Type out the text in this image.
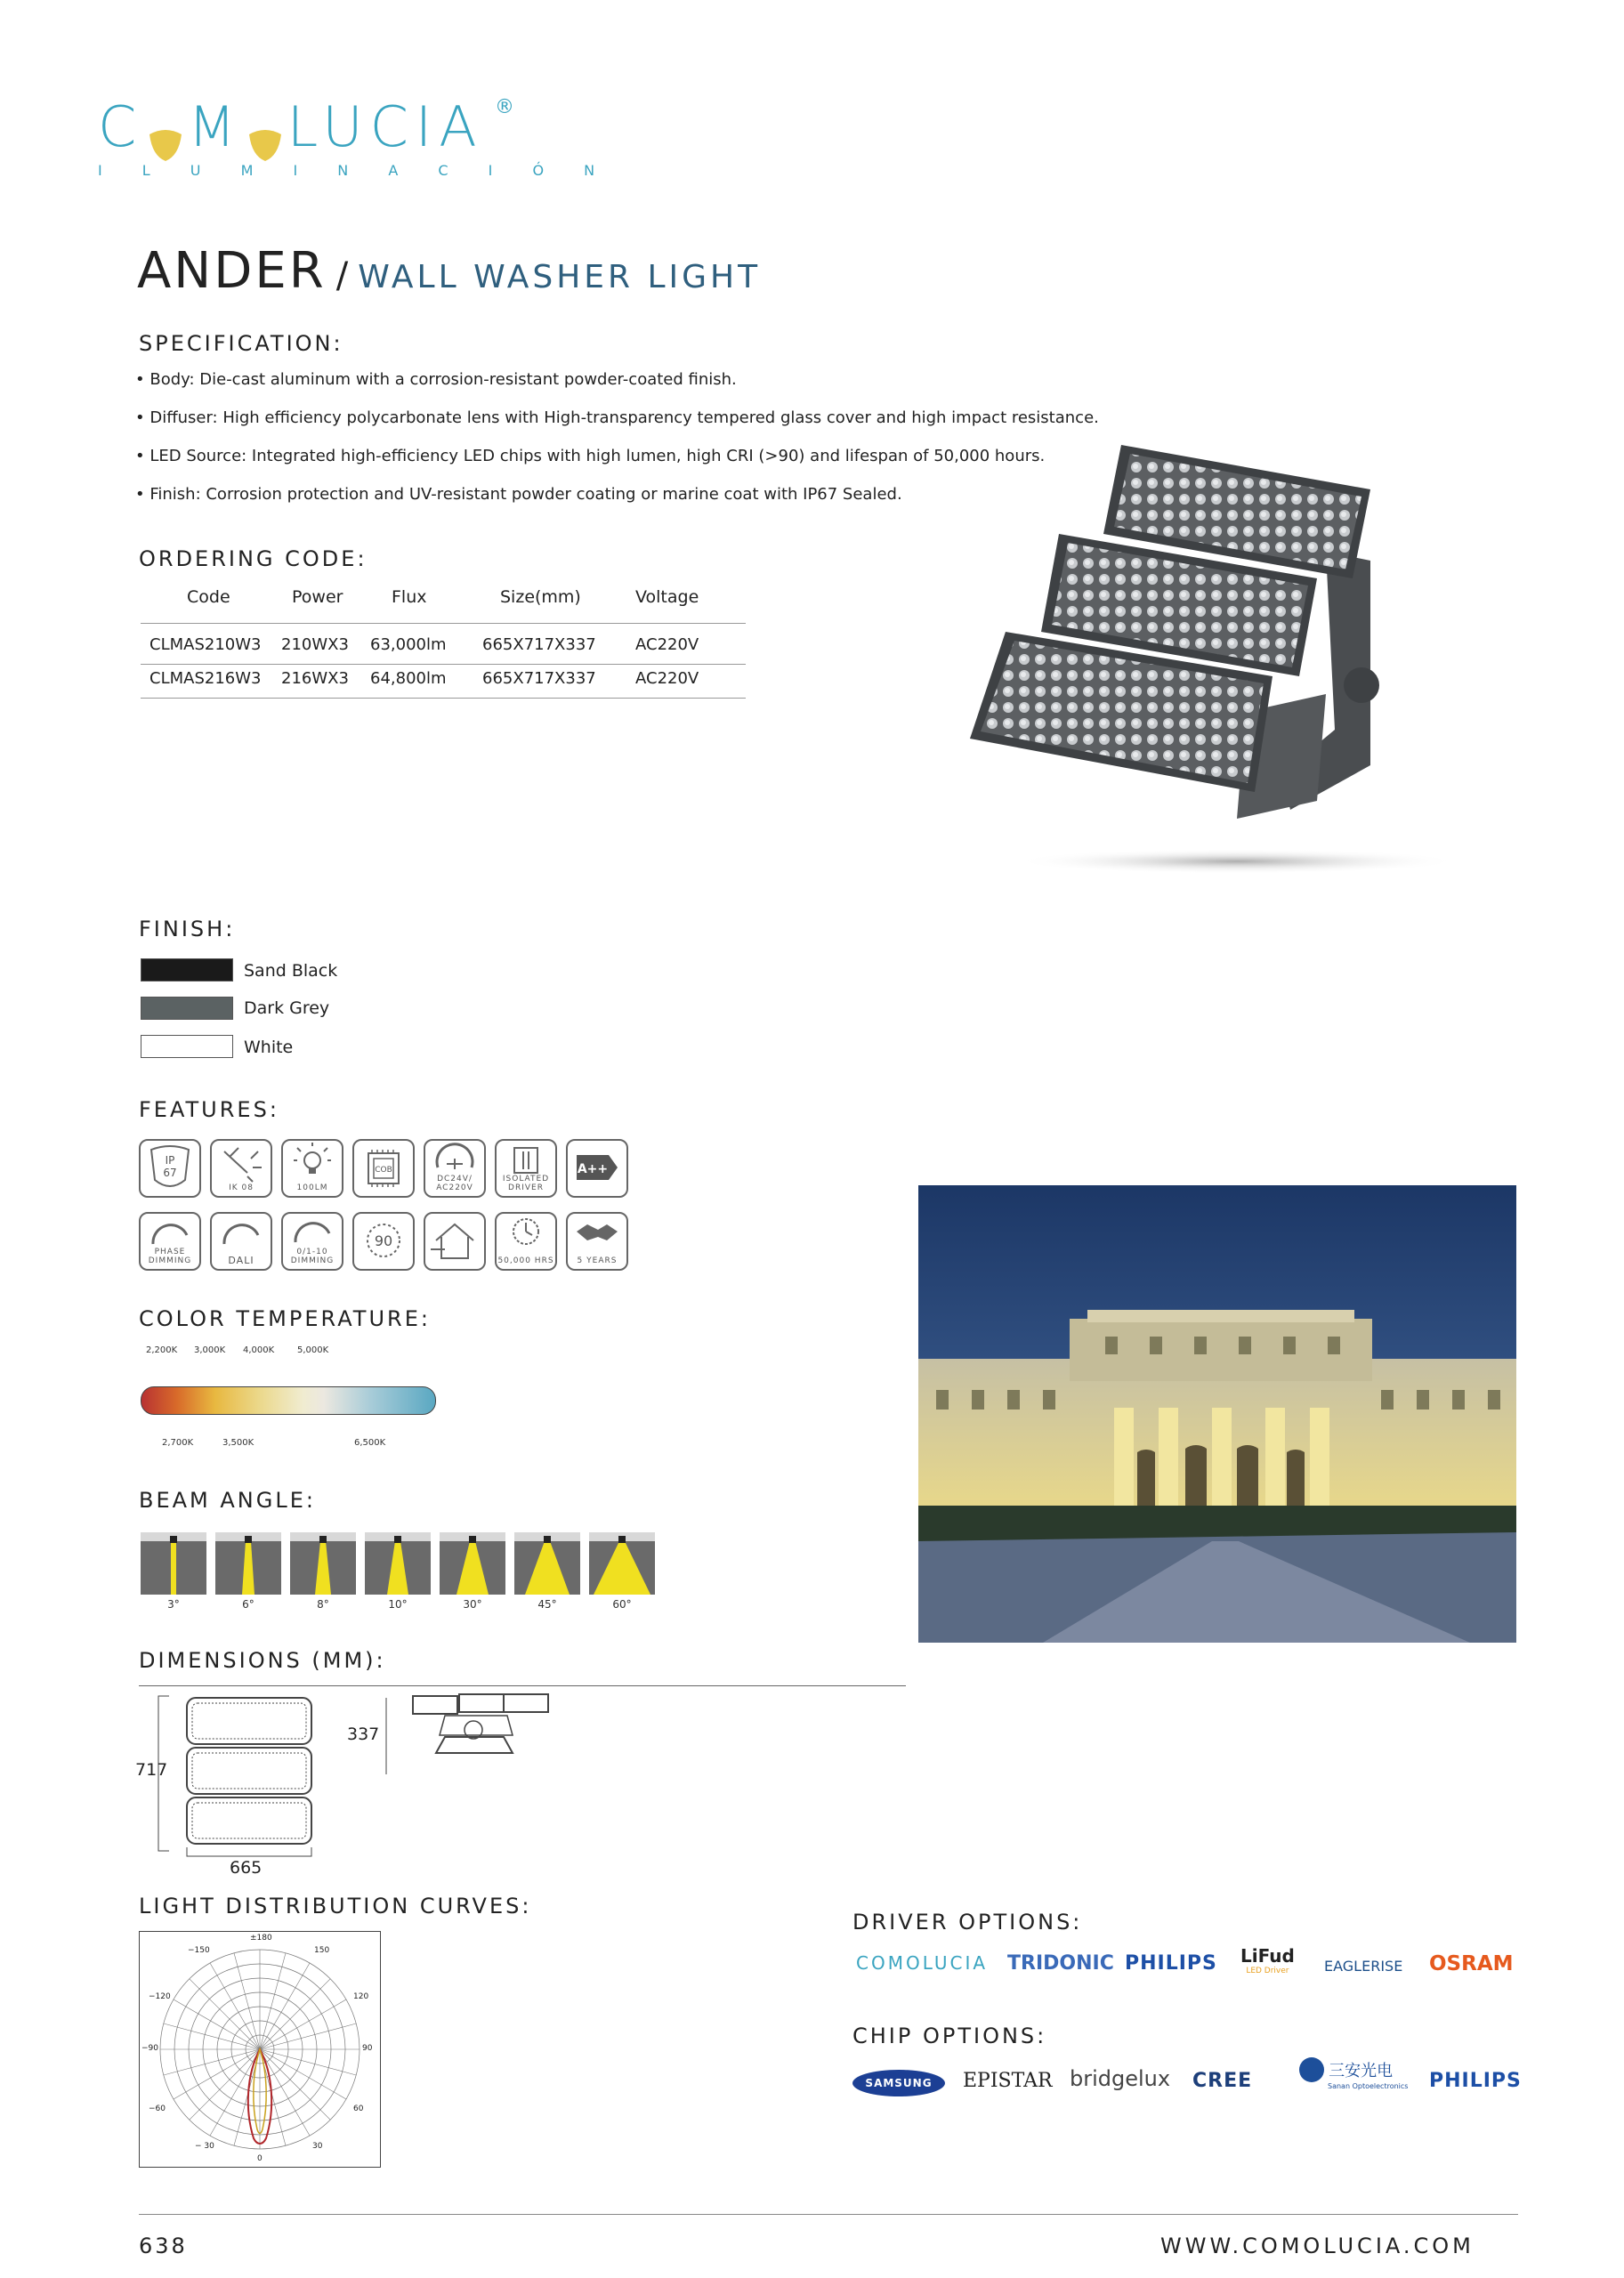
C M LUCIA ®
I L U M I N A C I Ó N
ANDER / WALL WASHER LIGHT
SPECIFICATION:
• Body: Die-cast aluminum with a corrosion-resistant powder-coated finish.
• Diffuser: High efficiency polycarbonate lens with High-transparency tempered glass cover and high impact resistance.
• LED Source: Integrated high-efficiency LED chips with high lumen, high CRI (>90) and lifespan of 50,000 hours.
• Finish: Corrosion protection and UV-resistant powder coating or marine coat with IP67 Sealed.
ORDERING CODE:
Code	Power	Flux	Size(mm)	Voltage
CLMAS210W3 210WX3 63,000lm 665X717X337 AC220V
CLMAS216W3 216WX3 64,800lm 665X717X337 AC220V
FINISH:
Sand Black
Dark Grey
White
FEATURES:
IP
67
IK 08	100LM
COB
DC24V/ AC220V
ISOLATED DRIVER
A++
PHASE DIMMING	DALI
0/1-10 DIMMING
90
50,000 HRS	5 YEARS
COLOR TEMPERATURE:
2,200K 3,000K 4,000K	5,000K
2,700K	3,500K	6,500K
BEAM ANGLE:
3°	6°	8°	10°	30°	45°	60°
DIMENSIONS (MM):
717
665
337
LIGHT DISTRIBUTION CURVES:
±180
−150	150
−120	120
−90	90
−60	60
− 30	30
0
DRIVER OPTIONS:
COMOLUCIA TRIDONIC PHILIPS LiFud
LED Driver	EAGLERISE OSRAM
CHIP OPTIONS:
SAMSUNG	EPISTAR bridgelux CREE	三安光电
Sanan Optoelectronics PHILIPS
638	WWW.COMOLUCIA.COM
